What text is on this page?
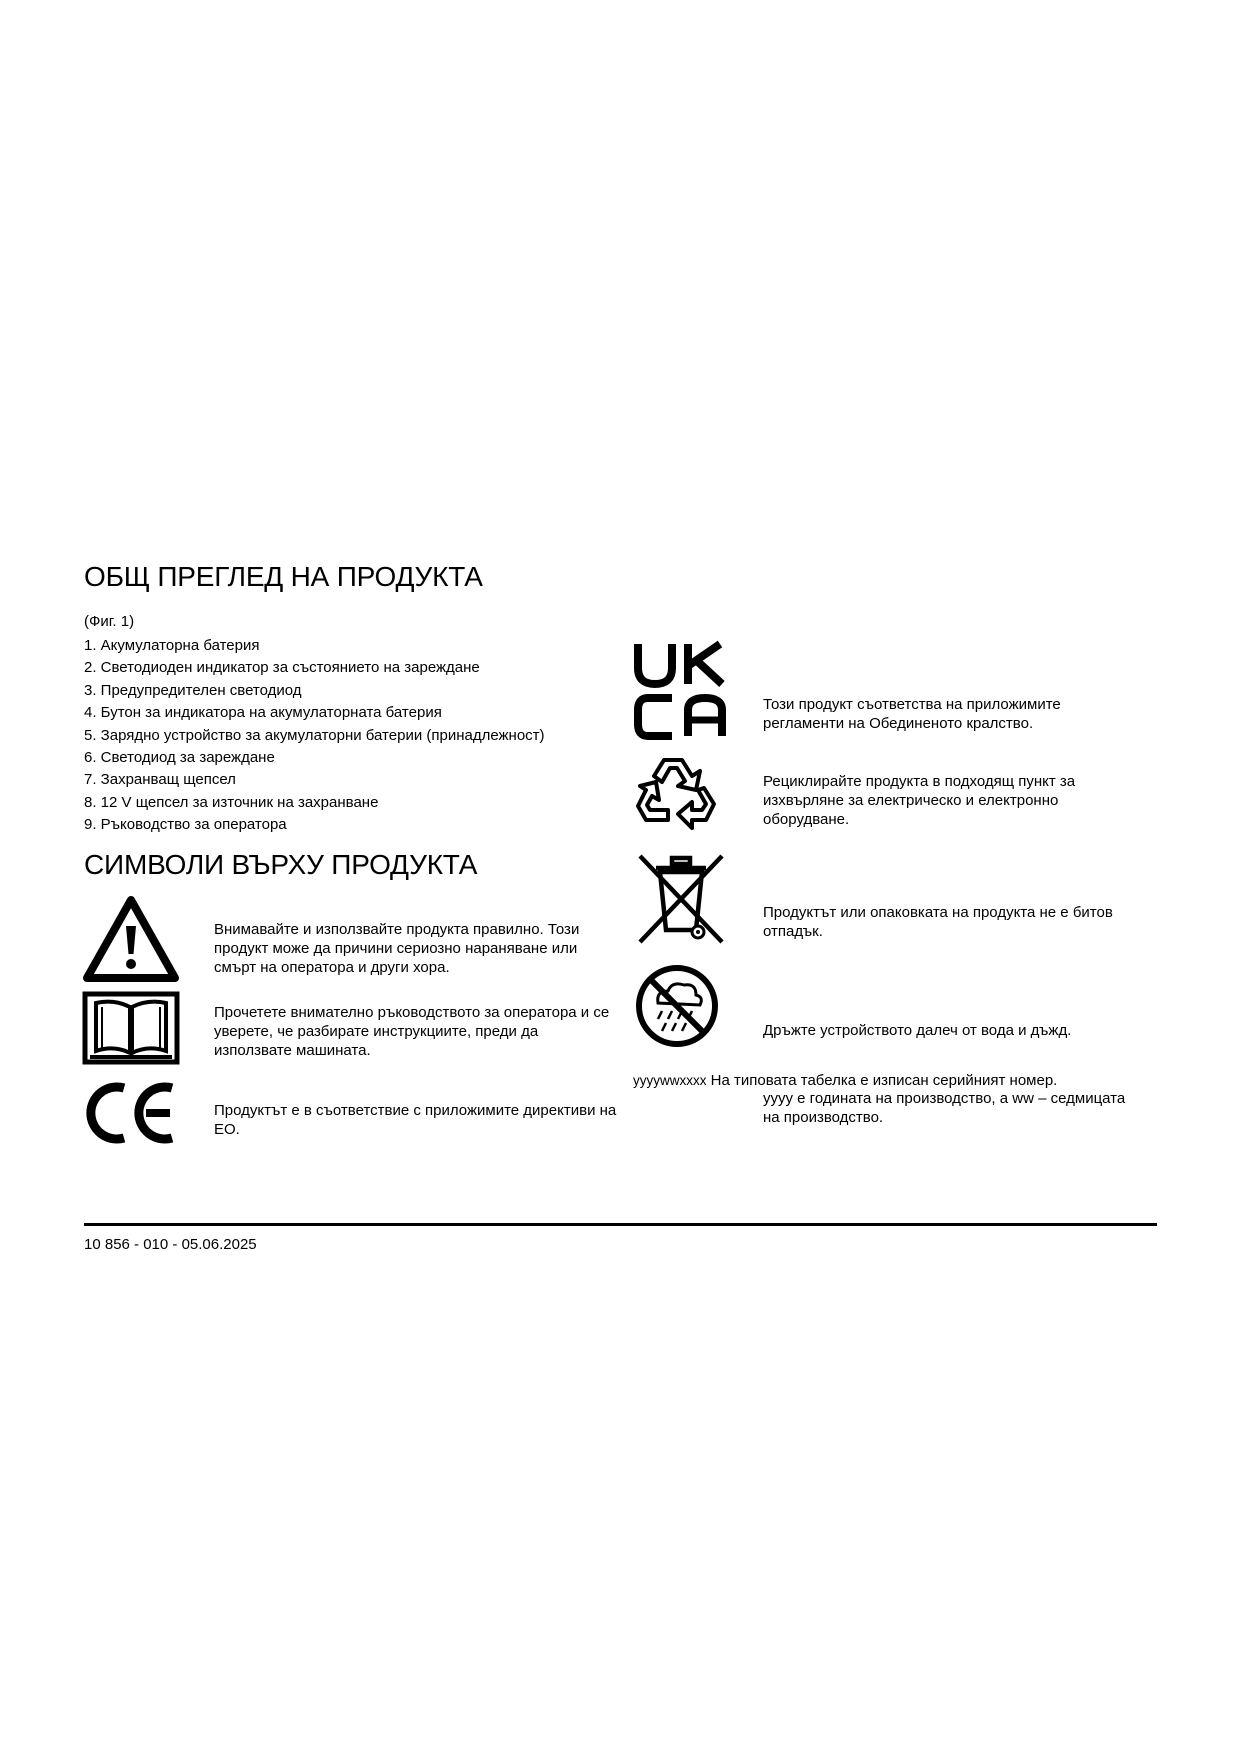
ОБЩ ПРЕГЛЕД НА ПРОДУКТА
(Фиг. 1)
1. Акумулаторна батерия
2. Светодиоден индикатор за състоянието на зареждане
3. Предупредителен светодиод
4. Бутон за индикатора на акумулаторната батерия
5. Зарядно устройство за акумулаторни батерии (принадлежност)
6. Светодиод за зареждане
7. Захранващ щепсел
8. 12 V щепсел за източник на захранване
9. Ръководство за оператора
СИМВОЛИ ВЪРХУ ПРОДУКТА
Внимавайте и използвайте продукта правилно. Този продукт може да причини сериозно нараняване или смърт на оператора и други хора.
Прочетете внимателно ръководството за оператора и се уверете, че разбирате инструкциите, преди да използвате машината.
Продуктът е в съответствие с приложимите директиви на ЕО.
Този продукт съответства на приложимите регламенти на Обединеното кралство.
Рециклирайте продукта в подходящ пункт за изхвърляне за електрическо и електронно оборудване.
Продуктът или опаковката на продукта не е битов отпадък.
Дръжте устройството далеч от вода и дъжд.
yyyywwxxxx На типовата табелка е изписан серийният номер.
yyyy е годината на производство, а ww – седмицата на производство.
10 856 - 010 - 05.06.2025
